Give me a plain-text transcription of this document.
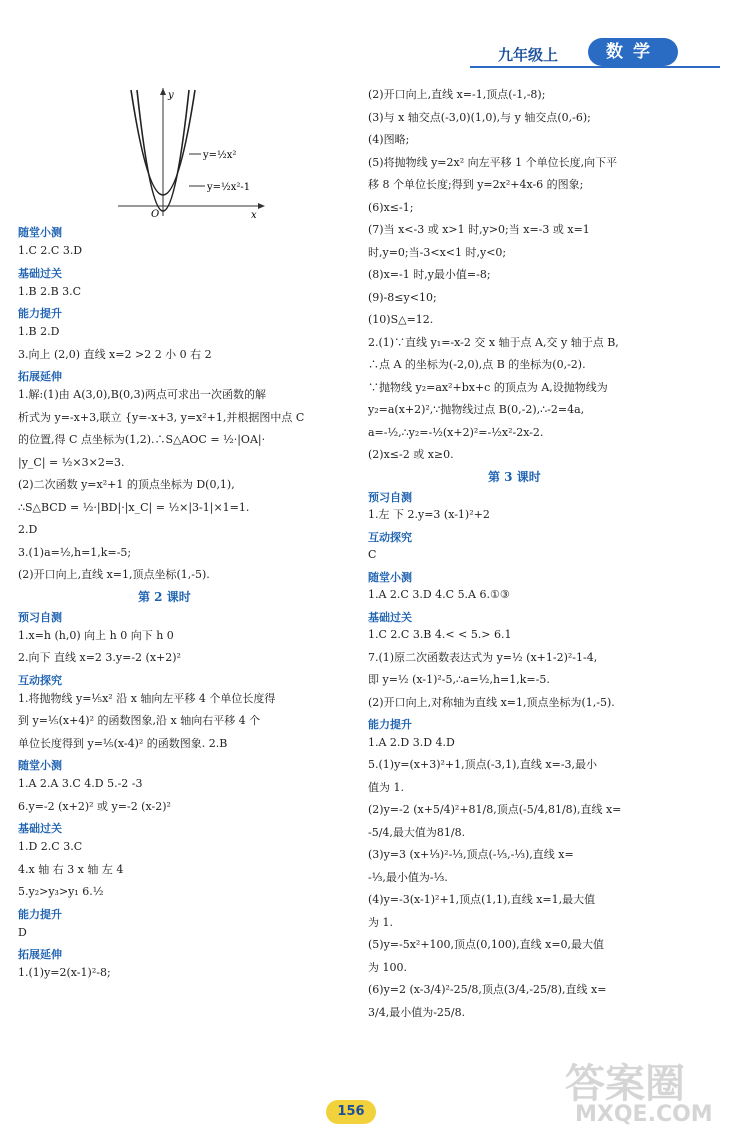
九年级上	数学
y=½x²
y=½x²-1
y
x
O
随堂小测
1.C 2.C 3.D
基础过关
1.B 2.B 3.C
能力提升
1.B 2.D
3.向上 (2,0) 直线 x=2 >2 2 小 0 右 2
拓展延伸
1.解:(1)由 A(3,0),B(0,3)两点可求出一次函数的解
析式为 y=-x+3,联立 {y=-x+3, y=x²+1,并根据图中点 C
的位置,得 C 点坐标为(1,2).∴S△AOC = ½·|OA|·
|y_C| = ½×3×2=3.
(2)二次函数 y=x²+1 的顶点坐标为 D(0,1),
∴S△BCD = ½·|BD|·|x_C| = ½×|3-1|×1=1.
2.D
3.(1)a=½,h=1,k=-5;
(2)开口向上,直线 x=1,顶点坐标(1,-5).
第 2 课时
预习自测
1.x=h (h,0) 向上 h 0 向下 h 0
2.向下 直线 x=2 3.y=-2 (x+2)²
互动探究
1.将抛物线 y=⅕x² 沿 x 轴向左平移 4 个单位长度得
到 y=⅕(x+4)² 的函数图象,沿 x 轴向右平移 4 个
单位长度得到 y=⅕(x-4)² 的函数图象. 2.B
随堂小测
1.A 2.A 3.C 4.D 5.-2 -3
6.y=-2 (x+2)² 或 y=-2 (x-2)²
基础过关
1.D 2.C 3.C
4.x 轴 右 3 x 轴 左 4
5.y₂>y₃>y₁ 6.½
能力提升
D
拓展延伸
1.(1)y=2(x-1)²-8;
(2)开口向上,直线 x=-1,顶点(-1,-8);
(3)与 x 轴交点(-3,0)(1,0),与 y 轴交点(0,-6);
(4)图略;
(5)将抛物线 y=2x² 向左平移 1 个单位长度,向下平
移 8 个单位长度;得到 y=2x²+4x-6 的图象;
(6)x≤-1;
(7)当 x<-3 或 x>1 时,y>0;当 x=-3 或 x=1
时,y=0;当-3<x<1 时,y<0;
(8)x=-1 时,y最小值=-8;
(9)-8≤y<10;
(10)S△=12.
2.(1)∵直线 y₁=-x-2 交 x 轴于点 A,交 y 轴于点 B,
∴点 A 的坐标为(-2,0),点 B 的坐标为(0,-2).
∵抛物线 y₂=ax²+bx+c 的顶点为 A,设抛物线为
y₂=a(x+2)²,∵抛物线过点 B(0,-2),∴-2=4a,
a=-½,∴y₂=-½(x+2)²=-½x²-2x-2.
(2)x≤-2 或 x≥0.
第 3 课时
预习自测
1.左 下 2.y=3 (x-1)²+2
互动探究
C
随堂小测
1.A 2.C 3.D 4.C 5.A 6.①③
基础过关
1.C 2.C 3.B 4.< < 5.> 6.1
7.(1)原二次函数表达式为 y=½ (x+1-2)²-1-4,
即 y=½ (x-1)²-5,∴a=½,h=1,k=-5.
(2)开口向上,对称轴为直线 x=1,顶点坐标为(1,-5).
能力提升
1.A 2.D 3.D 4.D
5.(1)y=(x+3)²+1,顶点(-3,1),直线 x=-3,最小
值为 1.
(2)y=-2 (x+5/4)²+81/8,顶点(-5/4,81/8),直线 x=
-5/4,最大值为81/8.
(3)y=3 (x+⅓)²-⅓,顶点(-⅓,-⅓),直线 x=
-⅓,最小值为-⅓.
(4)y=-3(x-1)²+1,顶点(1,1),直线 x=1,最大值
为 1.
(5)y=-5x²+100,顶点(0,100),直线 x=0,最大值
为 100.
(6)y=2 (x-3/4)²-25/8,顶点(3/4,-25/8),直线 x=
3/4,最小值为-25/8.
156
答案圈
MXQE.COM
